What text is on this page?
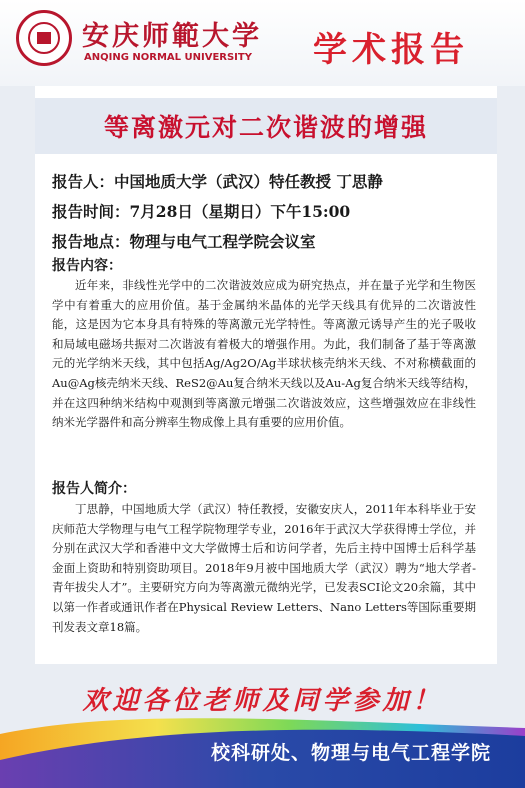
安庆师範大学
ANQING NORMAL UNIVERSITY 学术报告
等离激元对二次谐波的增强
报告人：中国地质大学（武汉）特任教授 丁思静
报告时间：7月28日（星期日）下午15:00
报告地点：物理与电气工程学院会议室
报告内容：

近年来，非线性光学中的二次谐波效应成为研究热点，并在量子光学和生物医学中有着重大的应用价值。基于金属纳米晶体的光学天线具有优异的二次谐波性能，这是因为它本身具有特殊的等离激元光学特性。等离激元诱导产生的光子吸收和局域电磁场共振对二次谐波有着极大的增强作用。为此，我们制备了基于等离激元的光学纳米天线，其中包括Ag/Ag2O/Ag半球状核壳纳米天线、不对称横截面的Au@Ag核壳纳米天线、ReS2@Au复合纳米天线以及Au-Ag复合纳米天线等结构，并在这四种纳米结构中观测到等离激元增强二次谐波效应，这些增强效应在非线性纳米光学器件和高分辨率生物成像上具有重要的应用价值。

报告人简介：

丁思静，中国地质大学（武汉）特任教授，安徽安庆人，2011年本科毕业于安庆师范大学物理与电气工程学院物理学专业，2016年于武汉大学获得博士学位，并分别在武汉大学和香港中文大学做博士后和访问学者，先后主持中国博士后科学基金面上资助和特别资助项目。2018年9月被中国地质大学（武汉）聘为“地大学者-青年拔尖人才”。主要研究方向为等离激元微纳光学，已发表SCI论文20余篇，其中以第一作者或通讯作者在Physical Review Letters、Nano Letters等国际重要期刊发表文章18篇。

欢迎各位老师及同学参加！
校科研处、物理与电气工程学院
